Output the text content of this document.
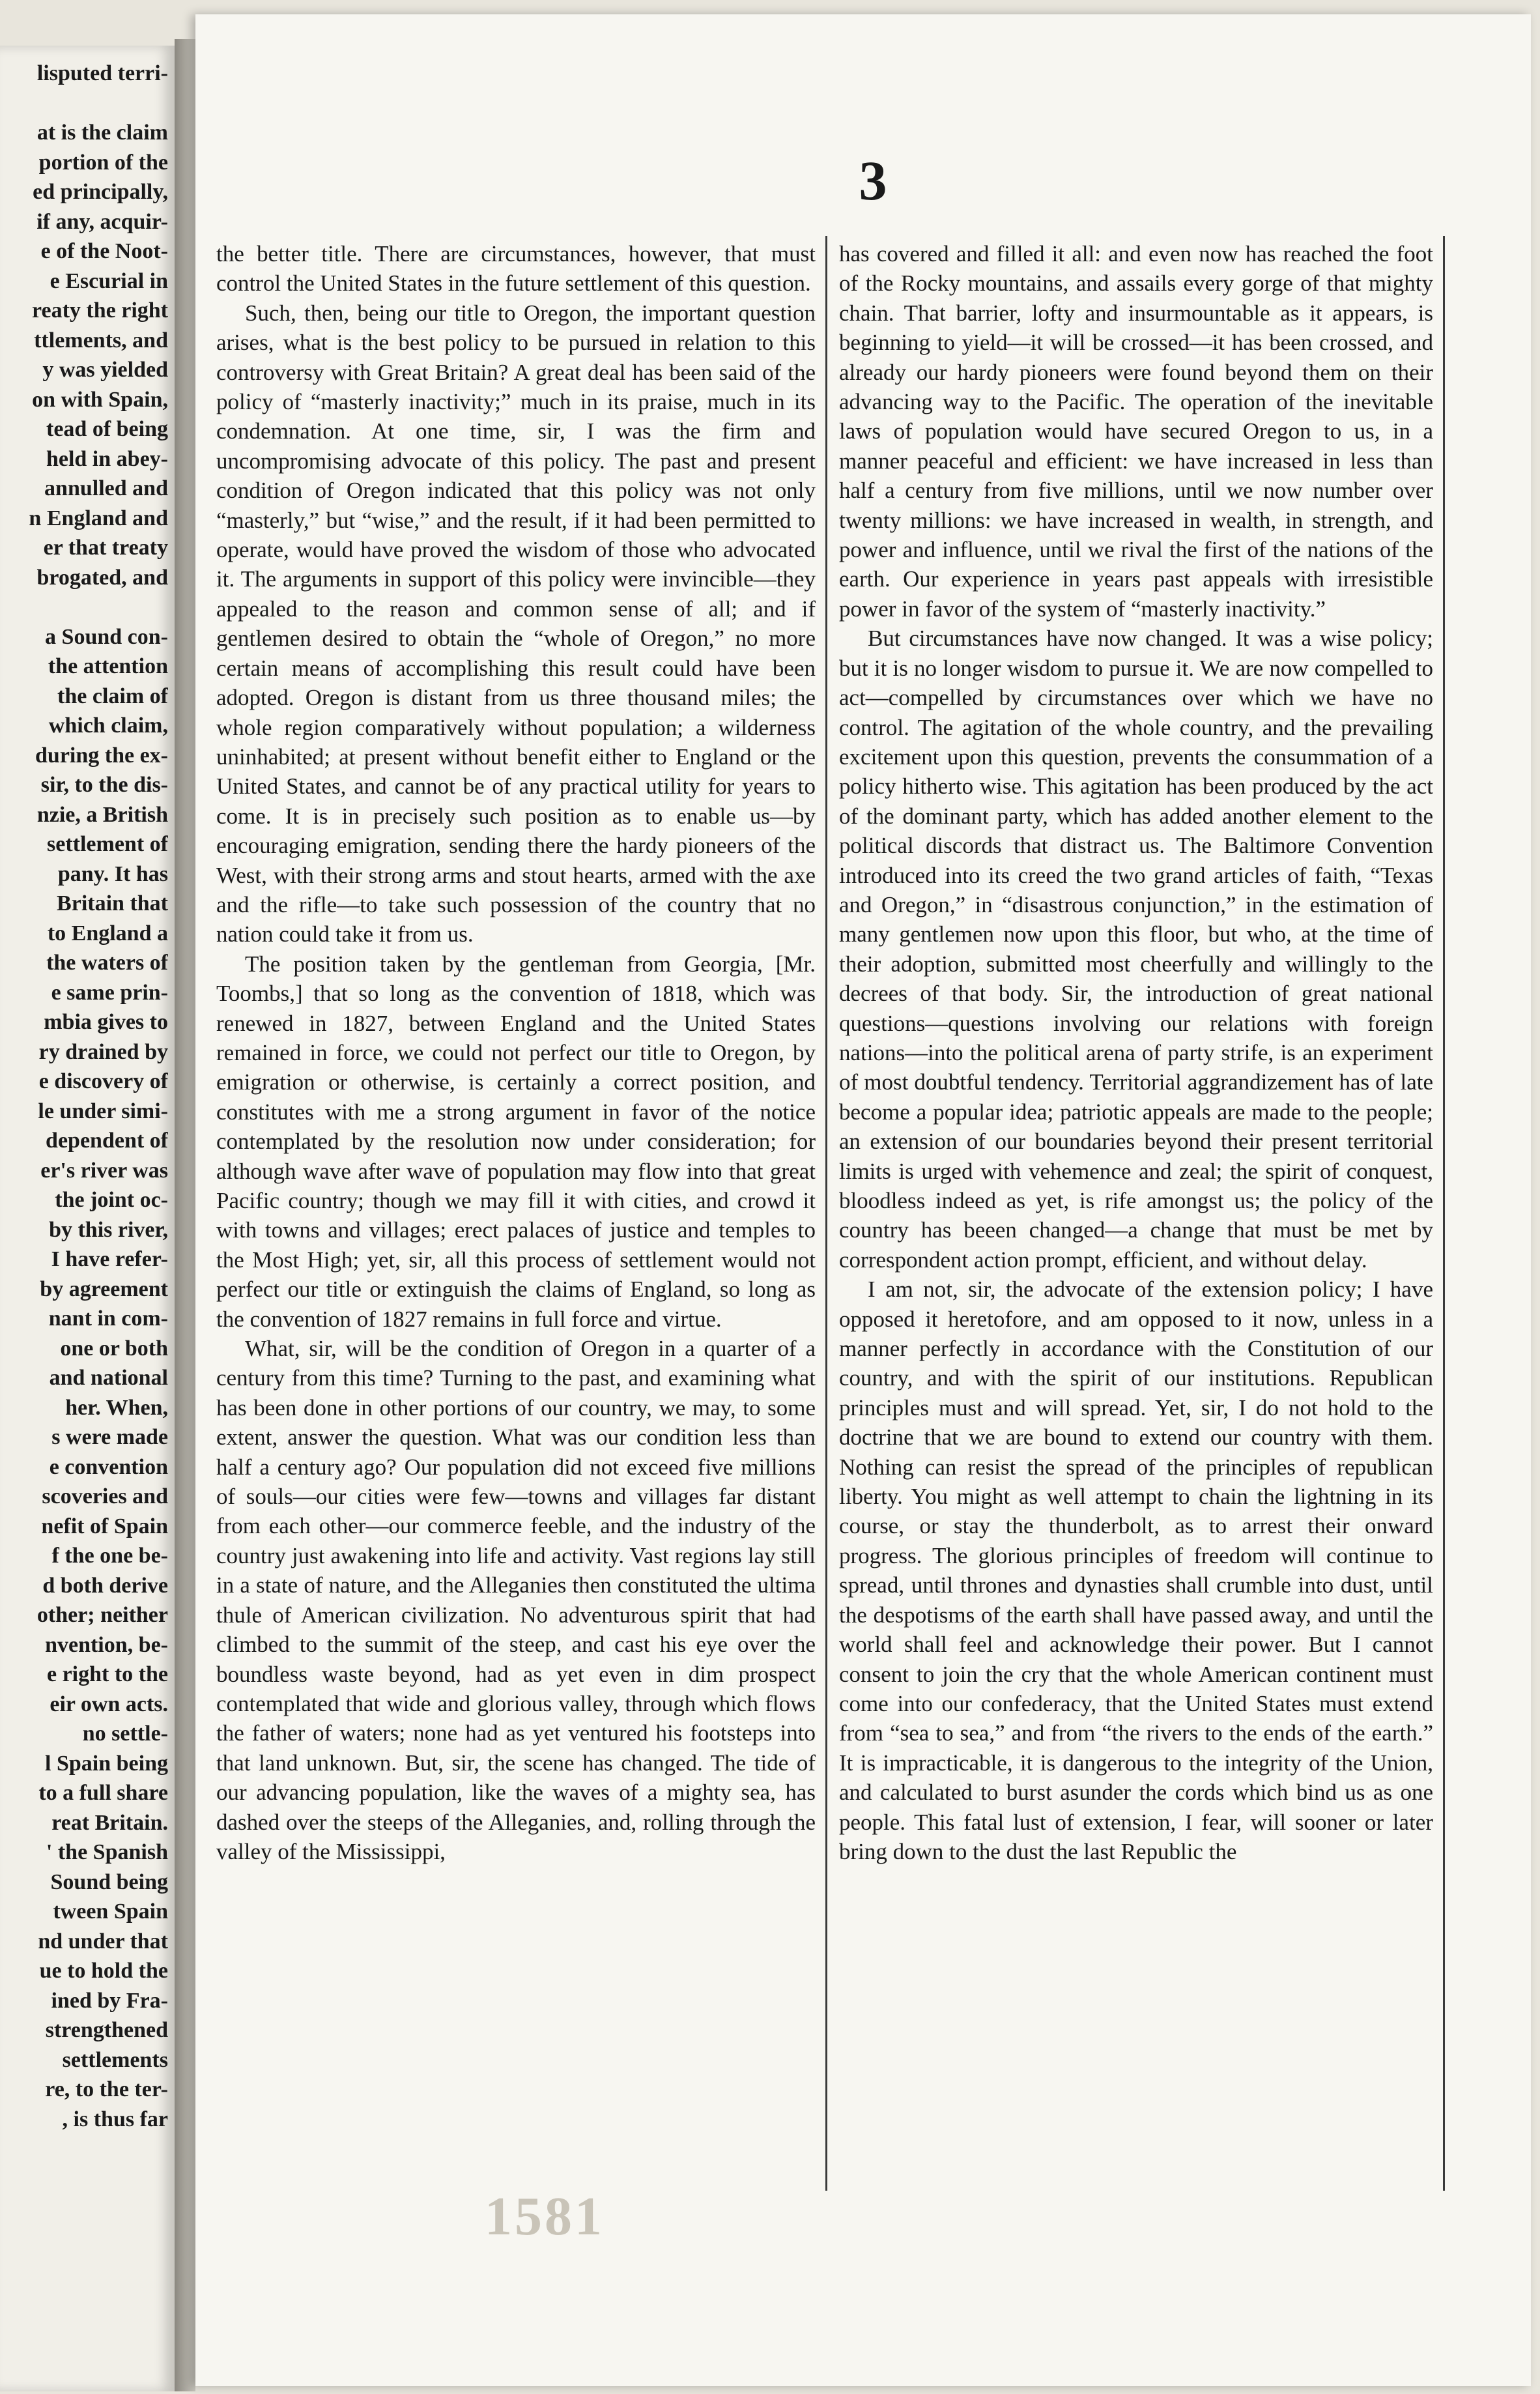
lisputed terri-
at is the claim
portion of the
ed principally,
if any, acquir-
e of the Noot-
e Escurial in
reaty the right
ttlements, and
y was yielded
on with Spain,
tead of being
held in abey-
annulled and
n England and
er that treaty
brogated, and
a Sound con-
the attention
the claim of
which claim,
during the ex-
sir, to the dis-
nzie, a British
settlement of
pany. It has
Britain that
to England a
the waters of
e same prin-
mbia gives to
ry drained by
e discovery of
le under simi-
dependent of
er's river was
the joint oc-
by this river,
I have refer-
by agreement
nant in com-
one or both
and national
her. When,
s were made
e convention
scoveries and
nefit of Spain
f the one be-
d both derive
other; neither
nvention, be-
e right to the
eir own acts.
no settle-
l Spain being
to a full share
reat Britain.
' the Spanish
Sound being
tween Spain
nd under that
ue to hold the
ined by Fra-
strengthened
settlements
re, to the ter-
, is thus far
3

the better title. There are circumstances, however, that must control the United States in the future settlement of this question.

Such, then, being our title to Oregon, the important question arises, what is the best policy to be pursued in relation to this controversy with Great Britain? A great deal has been said of the policy of “masterly inactivity;” much in its praise, much in its condemnation. At one time, sir, I was the firm and uncompromising advocate of this policy. The past and present condition of Oregon indicated that this policy was not only “masterly,” but “wise,” and the result, if it had been permitted to operate, would have proved the wisdom of those who advocated it. The arguments in support of this policy were invincible—they appealed to the reason and common sense of all; and if gentlemen desired to obtain the “whole of Oregon,” no more certain means of accomplishing this result could have been adopted. Oregon is distant from us three thousand miles; the whole region comparatively without population; a wilderness uninhabited; at present without benefit either to England or the United States, and cannot be of any practical utility for years to come. It is in precisely such position as to enable us—by encouraging emigration, sending there the hardy pioneers of the West, with their strong arms and stout hearts, armed with the axe and the rifle—to take such possession of the country that no nation could take it from us.

The position taken by the gentleman from Georgia, [Mr. Toombs,] that so long as the convention of 1818, which was renewed in 1827, between England and the United States remained in force, we could not perfect our title to Oregon, by emigration or otherwise, is certainly a correct position, and constitutes with me a strong argument in favor of the notice contemplated by the resolution now under consideration; for although wave after wave of population may flow into that great Pacific country; though we may fill it with cities, and crowd it with towns and villages; erect palaces of justice and temples to the Most High; yet, sir, all this process of settlement would not perfect our title or extinguish the claims of England, so long as the convention of 1827 remains in full force and virtue.

What, sir, will be the condition of Oregon in a quarter of a century from this time? Turning to the past, and examining what has been done in other portions of our country, we may, to some extent, answer the question. What was our condition less than half a century ago? Our population did not exceed five millions of souls—our cities were few—towns and villages far distant from each other—our commerce feeble, and the industry of the country just awakening into life and activity. Vast regions lay still in a state of nature, and the Alleganies then constituted the ultima thule of American civilization. No adventurous spirit that had climbed to the summit of the steep, and cast his eye over the boundless waste beyond, had as yet even in dim prospect contemplated that wide and glorious valley, through which flows the father of waters; none had as yet ventured his footsteps into that land unknown. But, sir, the scene has changed. The tide of our advancing population, like the waves of a mighty sea, has dashed over the steeps of the Alleganies, and, rolling through the valley of the Mississippi,

has covered and filled it all: and even now has reached the foot of the Rocky mountains, and assails every gorge of that mighty chain. That barrier, lofty and insurmountable as it appears, is beginning to yield—it will be crossed—it has been crossed, and already our hardy pioneers were found beyond them on their advancing way to the Pacific. The operation of the inevitable laws of population would have secured Oregon to us, in a manner peaceful and efficient: we have increased in less than half a century from five millions, until we now number over twenty millions: we have increased in wealth, in strength, and power and influence, until we rival the first of the nations of the earth. Our experience in years past appeals with irresistible power in favor of the system of “masterly inactivity.”

But circumstances have now changed. It was a wise policy; but it is no longer wisdom to pursue it. We are now compelled to act—compelled by circumstances over which we have no control. The agitation of the whole country, and the prevailing excitement upon this question, prevents the consummation of a policy hitherto wise. This agitation has been produced by the act of the dominant party, which has added another element to the political discords that distract us. The Baltimore Convention introduced into its creed the two grand articles of faith, “Texas and Oregon,” in “disastrous conjunction,” in the estimation of many gentlemen now upon this floor, but who, at the time of their adoption, submitted most cheerfully and willingly to the decrees of that body. Sir, the introduction of great national questions—questions involving our relations with foreign nations—into the political arena of party strife, is an experiment of most doubtful tendency. Territorial aggrandizement has of late become a popular idea; patriotic appeals are made to the people; an extension of our boundaries beyond their present territorial limits is urged with vehemence and zeal; the spirit of conquest, bloodless indeed as yet, is rife amongst us; the policy of the country has beeen changed—a change that must be met by correspondent action prompt, efficient, and without delay.

I am not, sir, the advocate of the extension policy; I have opposed it heretofore, and am opposed to it now, unless in a manner perfectly in accordance with the Constitution of our country, and with the spirit of our institutions. Republican principles must and will spread. Yet, sir, I do not hold to the doctrine that we are bound to extend our country with them. Nothing can resist the spread of the principles of republican liberty. You might as well attempt to chain the lightning in its course, or stay the thunderbolt, as to arrest their onward progress. The glorious principles of freedom will continue to spread, until thrones and dynasties shall crumble into dust, until the despotisms of the earth shall have passed away, and until the world shall feel and acknowledge their power. But I cannot consent to join the cry that the whole American continent must come into our confederacy, that the United States must extend from “sea to sea,” and from “the rivers to the ends of the earth.” It is impracticable, it is dangerous to the integrity of the Union, and calculated to burst asunder the cords which bind us as one people. This fatal lust of extension, I fear, will sooner or later bring down to the dust the last Republic the

1581
